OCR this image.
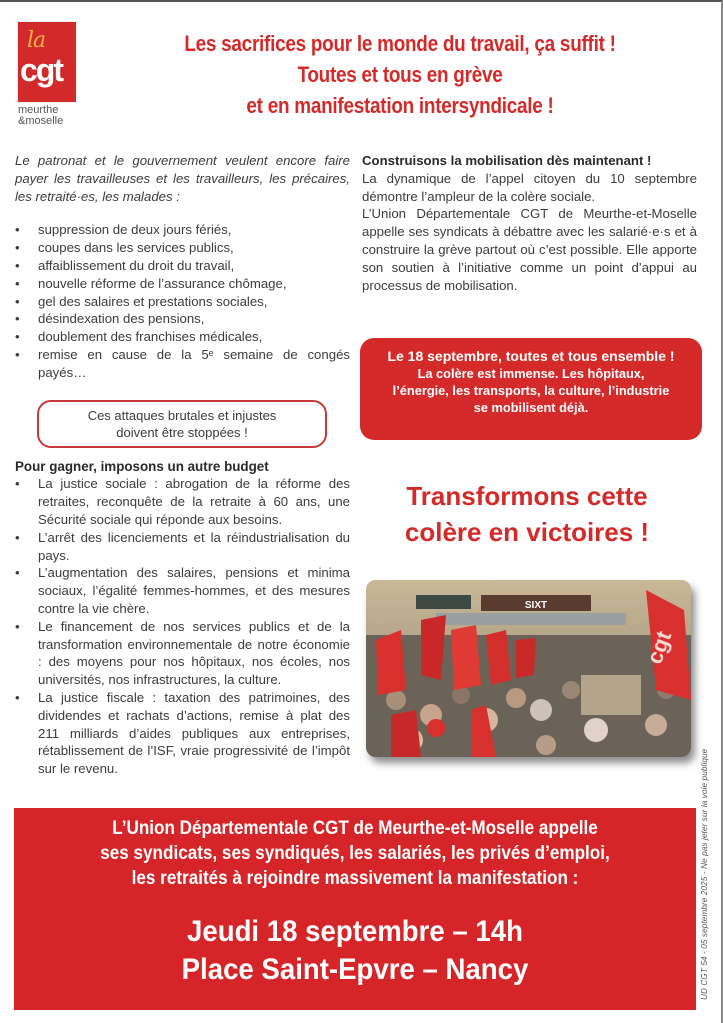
la
cgt
meurthe
&moselle
Les sacrifices pour le monde du travail, ça suffit !
Toutes et tous en grève
et en manifestation intersyndicale !

Le patronat et le gouvernement veulent encore faire payer les travailleuses et les travailleurs, les précaires, les retraité·es, les malades :

• suppression de deux jours fériés,
• coupes dans les services publics,
• affaiblissement du droit du travail,
• nouvelle réforme de l’assurance chômage,
• gel des salaires et prestations sociales,
• désindexation des pensions,
• doublement des franchises médicales,
• remise en cause de la 5ᵉ semaine de congés payés…
Ces attaques brutales et injustes
doivent être stoppées !
Pour gagner, imposons un autre budget
• La justice sociale : abrogation de la réforme des retraites, reconquête de la retraite à 60 ans, une Sécurité sociale qui réponde aux besoins.
• L’arrêt des licenciements et la réindustrialisation du pays.
• L’augmentation des salaires, pensions et minima sociaux, l’égalité femmes-hommes, et des mesures contre la vie chère.
• Le financement de nos services publics et de la transformation environnementale de notre économie : des moyens pour nos hôpitaux, nos écoles, nos universités, nos infrastructures, la culture.
• La justice fiscale : taxation des patrimoines, des dividendes et rachats d’actions, remise à plat des 211 milliards d’aides publiques aux entreprises, rétablissement de l’ISF, vraie progressivité de l’impôt sur le revenu.
Construisons la mobilisation dès maintenant !

La dynamique de l’appel citoyen du 10 septembre démontre l’ampleur de la colère sociale.

L’Union Départementale CGT de Meurthe-et-Moselle appelle ses syndicats à débattre avec les salarié·e·s et à construire la grève partout où c’est possible. Elle apporte son soutien à l’initiative comme un point d’appui au processus de mobilisation.

Le 18 septembre, toutes et tous ensemble !
La colère est immense. Les hôpitaux,
l’énergie, les transports, la culture, l’industrie
se mobilisent déjà.
Transformons cette
colère en victoires !
SIXT
cgt
UD CGT 54 - 05 septembre 2025 - Ne pas jeter sur la voie publique
L’Union Départementale CGT de Meurthe-et-Moselle appelle
ses syndicats, ses syndiqués, les salariés, les privés d’emploi,
les retraités à rejoindre massivement la manifestation :
Jeudi 18 septembre – 14h
Place Saint-Epvre – Nancy
